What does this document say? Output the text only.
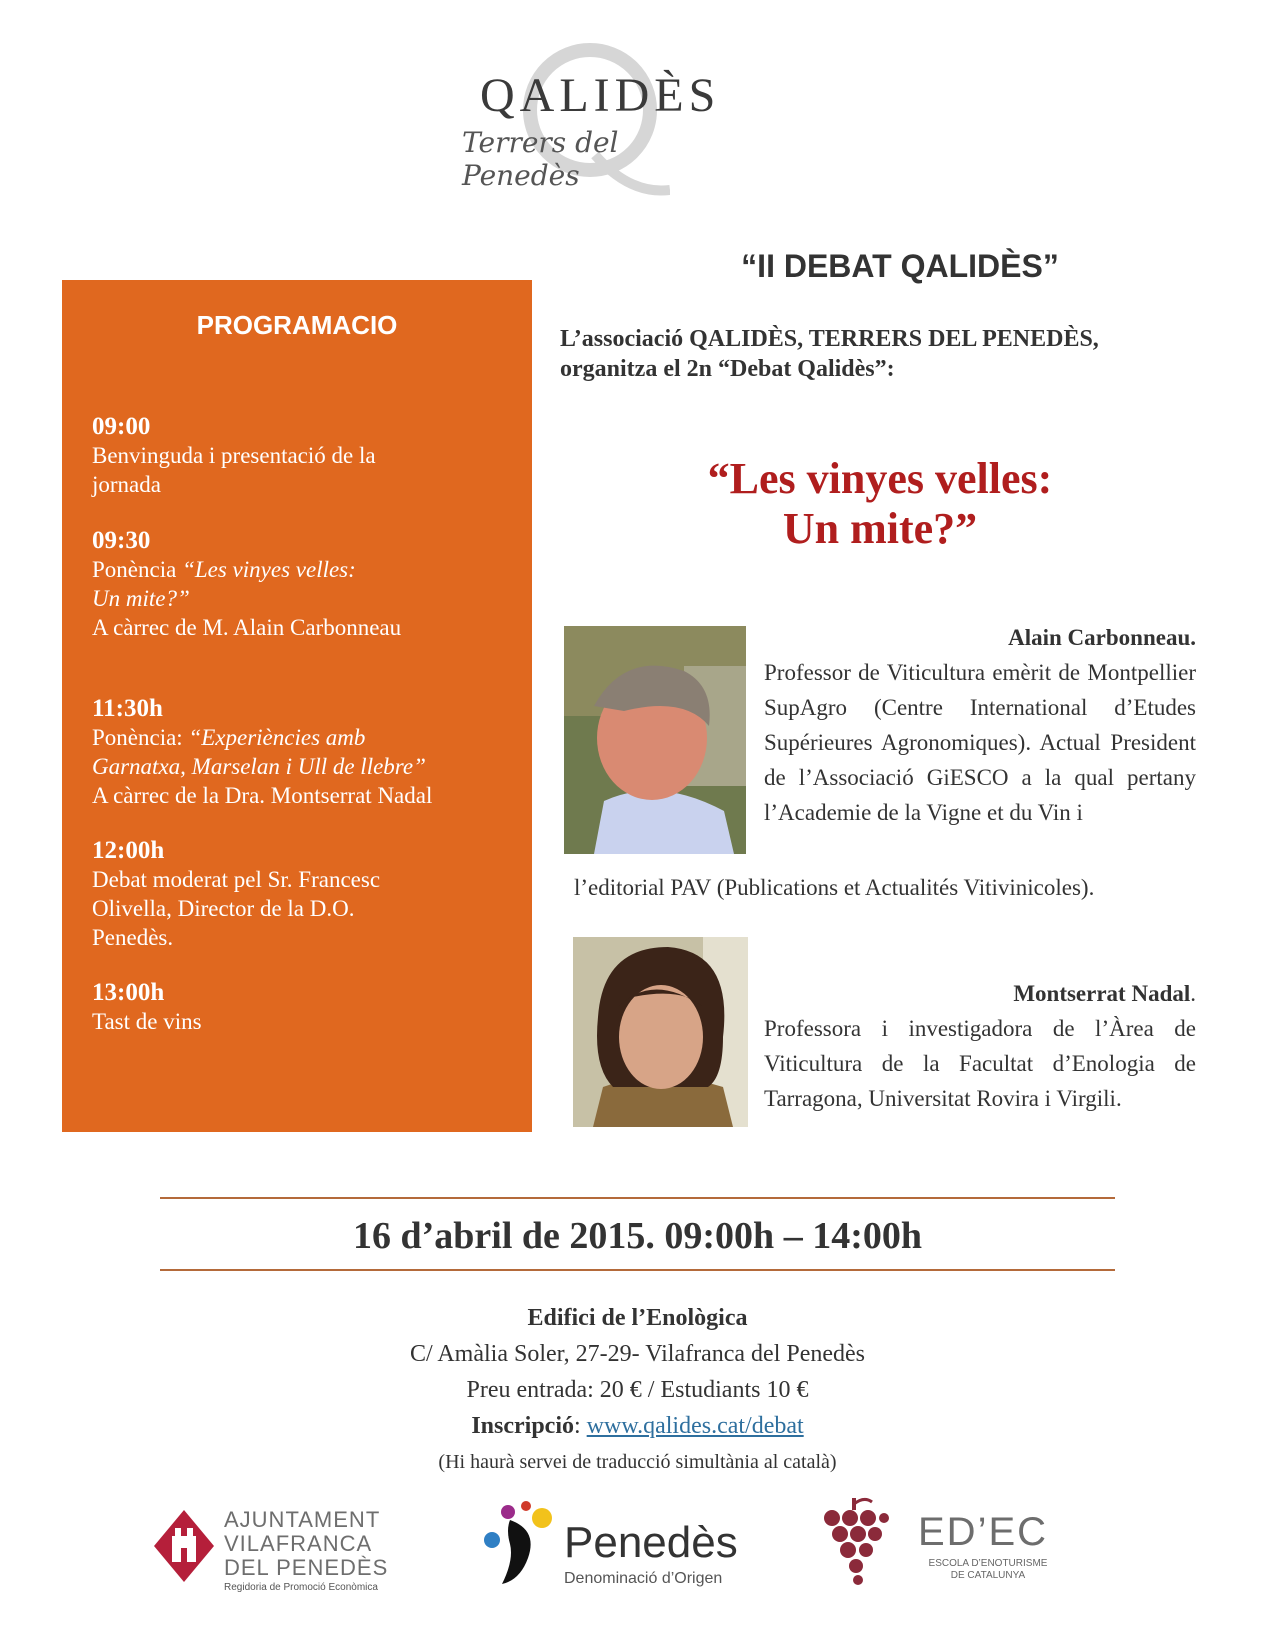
QALIDÈS
Terrers del Penedès
“II DEBAT QALIDÈS”
L’associació QALIDÈS, TERRERS DEL PENEDÈS,
organitza el 2n “Debat Qalidès”:
“Les vinyes velles:
Un mite?”
PROGRAMACIO
09:00
Benvinguda i presentació de la
jornada
09:30
Ponència “Les vinyes velles:
Un mite?”
A càrrec de M. Alain Carbonneau
11:30h
Ponència: “Experiències amb
Garnatxa, Marselan i Ull de llebre”
A càrrec de la Dra. Montserrat Nadal
12:00h
Debat moderat pel Sr. Francesc
Olivella, Director de la D.O.
Penedès.
13:00h
Tast de vins
Alain Carbonneau.
Professor de Viticultura emèrit de Montpellier SupAgro (Centre International d’Etudes Supérieures Agronomiques). Actual President de l’Associació GiESCO a la qual pertany l’Academie de la Vigne et du Vin i
l’editorial PAV (Publications et Actualités Vitivinicoles).
Montserrat Nadal.
Professora i investigadora de l’Àrea de Viticultura de la Facultat d’Enologia de Tarragona, Universitat Rovira i Virgili.
16 d’abril de 2015. 09:00h – 14:00h
Edifici de l’Enològica
C/ Amàlia Soler, 27-29- Vilafranca del Penedès
Preu entrada: 20 € / Estudiants 10 €
Inscripció: www.qalides.cat/debat
(Hi haurà servei de traducció simultània al català)
AJUNTAMENT
VILAFRANCA
DEL PENEDÈS
Regidoria de Promoció Econòmica
Penedès
Denominació d’Origen
ED’EC
ESCOLA D’ENOTURISME
DE CATALUNYA
